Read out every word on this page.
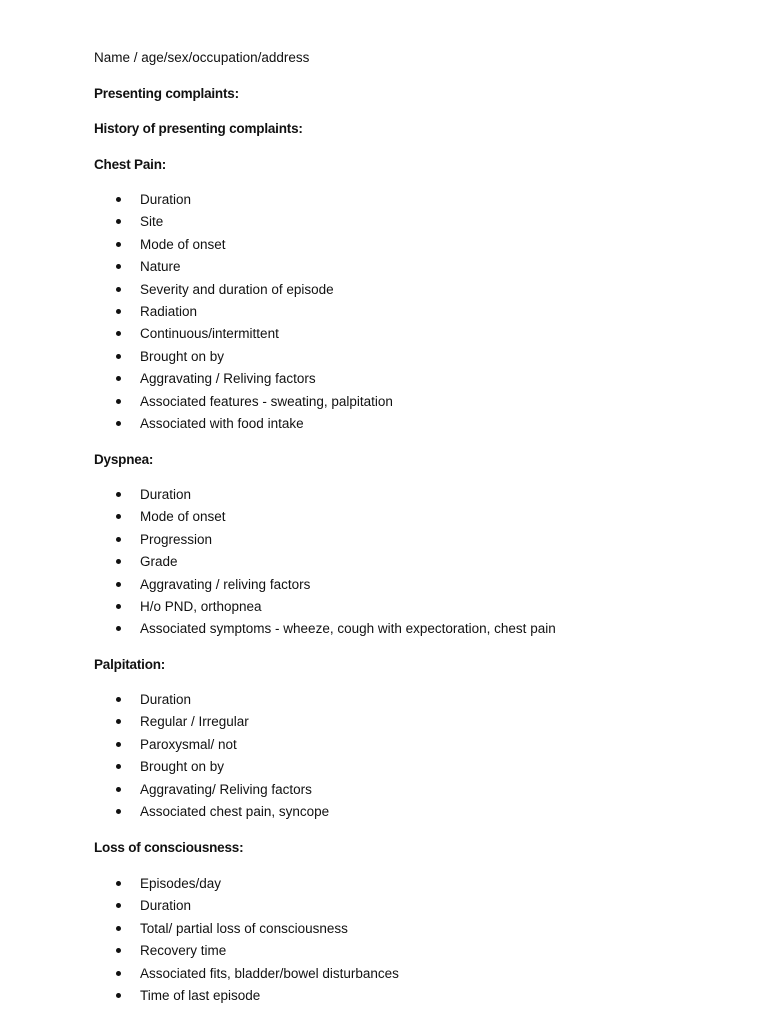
Name / age/sex/occupation/address
Presenting complaints:
History of presenting complaints:
Chest Pain:
Duration
Site
Mode of onset
Nature
Severity and duration of episode
Radiation
Continuous/intermittent
Brought on by
Aggravating / Reliving factors
Associated features - sweating, palpitation
Associated with food intake
Dyspnea:
Duration
Mode of onset
Progression
Grade
Aggravating / reliving factors
H/o PND, orthopnea
Associated symptoms - wheeze, cough with expectoration, chest pain
Palpitation:
Duration
Regular / Irregular
Paroxysmal/ not
Brought on by
Aggravating/ Reliving factors
Associated chest pain, syncope
Loss of consciousness:
Episodes/day
Duration
Total/ partial loss of consciousness
Recovery time
Associated fits, bladder/bowel disturbances
Time of last episode
